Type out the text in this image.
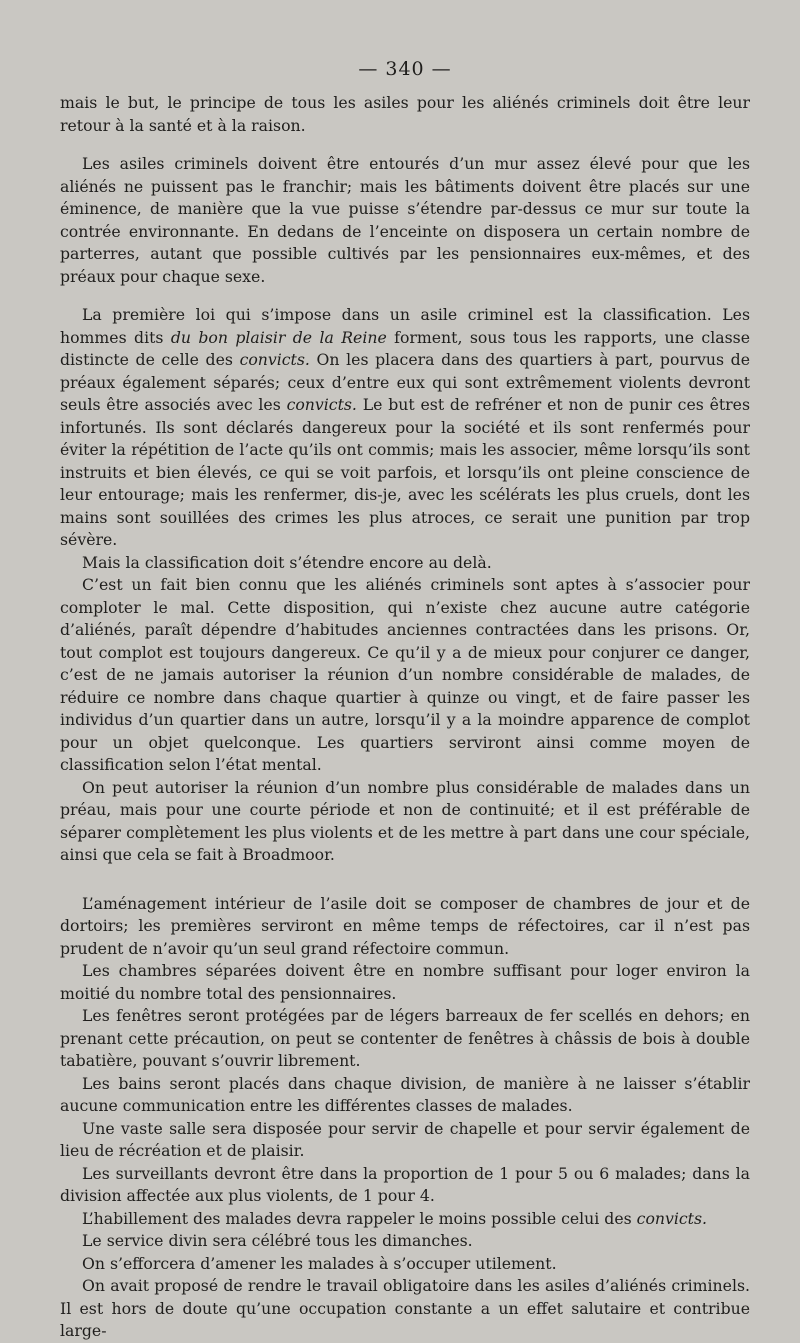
— 340 —

mais le but, le principe de tous les asiles pour les aliénés criminels doit être leur retour à la santé et à la raison.

Les asiles criminels doivent être entourés d’un mur assez élevé pour que les aliénés ne puissent pas le franchir; mais les bâtiments doivent être placés sur une éminence, de manière que la vue puisse s’étendre par-dessus ce mur sur toute la contrée environnante. En dedans de l’enceinte on disposera un certain nombre de parterres, autant que possible cultivés par les pensionnaires eux-mêmes, et des préaux pour chaque sexe.

La première loi qui s’impose dans un asile criminel est la classification. Les hommes dits du bon plaisir de la Reine forment, sous tous les rapports, une classe distincte de celle des convicts. On les placera dans des quartiers à part, pourvus de préaux également séparés; ceux d’entre eux qui sont extrêmement violents devront seuls être associés avec les convicts. Le but est de refréner et non de punir ces êtres infortunés. Ils sont déclarés dangereux pour la société et ils sont renfermés pour éviter la répétition de l’acte qu’ils ont commis; mais les associer, même lorsqu’ils sont instruits et bien élevés, ce qui se voit parfois, et lorsqu’ils ont pleine conscience de leur entourage; mais les renfermer, dis-je, avec les scélérats les plus cruels, dont les mains sont souillées des crimes les plus atroces, ce serait une punition par trop sévère.

Mais la classification doit s’étendre encore au delà.

C’est un fait bien connu que les aliénés criminels sont aptes à s’associer pour comploter le mal. Cette disposition, qui n’existe chez aucune autre catégorie d’aliénés, paraît dépendre d’habitudes anciennes contractées dans les prisons. Or, tout complot est toujours dangereux. Ce qu’il y a de mieux pour conjurer ce danger, c’est de ne jamais autoriser la réunion d’un nombre considérable de malades, de réduire ce nombre dans chaque quartier à quinze ou vingt, et de faire passer les individus d’un quartier dans un autre, lorsqu’il y a la moindre apparence de complot pour un objet quelconque. Les quartiers serviront ainsi comme moyen de classification selon l’état mental.

On peut autoriser la réunion d’un nombre plus considérable de malades dans un préau, mais pour une courte période et non de continuité; et il est préférable de séparer complètement les plus violents et de les mettre à part dans une cour spéciale, ainsi que cela se fait à Broadmoor.

L’aménagement intérieur de l’asile doit se composer de chambres de jour et de dortoirs; les premières serviront en même temps de réfectoires, car il n’est pas prudent de n’avoir qu’un seul grand réfectoire commun.

Les chambres séparées doivent être en nombre suffisant pour loger environ la moitié du nombre total des pensionnaires.

Les fenêtres seront protégées par de légers barreaux de fer scellés en dehors; en prenant cette précaution, on peut se contenter de fenêtres à châssis de bois à double tabatière, pouvant s’ouvrir librement.

Les bains seront placés dans chaque division, de manière à ne laisser s’établir aucune communication entre les différentes classes de malades.

Une vaste salle sera disposée pour servir de chapelle et pour servir également de lieu de récréation et de plaisir.

Les surveillants devront être dans la proportion de 1 pour 5 ou 6 malades; dans la division affectée aux plus violents, de 1 pour 4.

L’habillement des malades devra rappeler le moins possible celui des convicts.

Le service divin sera célébré tous les dimanches.

On s’efforcera d’amener les malades à s’occuper utilement.

On avait proposé de rendre le travail obligatoire dans les asiles d’aliénés criminels. Il est hors de doute qu’une occupation constante a un effet salutaire et contribue large-
